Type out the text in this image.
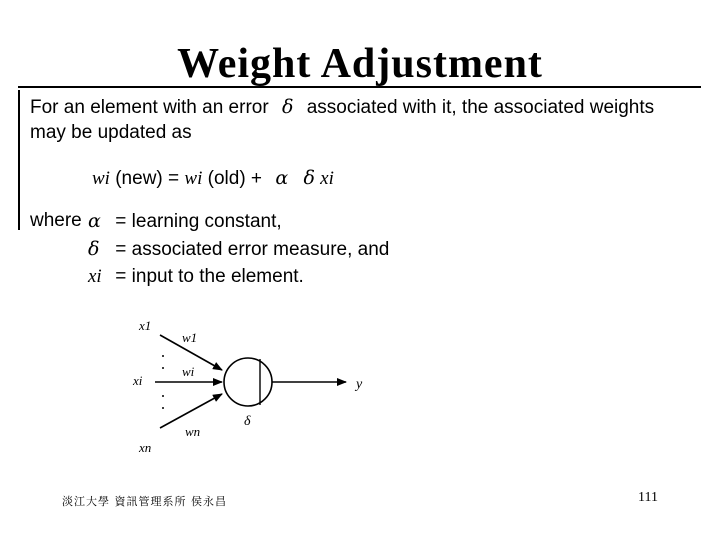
Weight Adjustment
For an element with an error δ associated with it, the associated weights
may be updated as
wi (new) = wi (old) + α δ xi
where α = learning constant,
δ = associated error measure, and
xi = input to the element.
x1
w1
xi
wi
wn
xn
y
δ
淡江大學 資訊管理系所 侯永昌	111
